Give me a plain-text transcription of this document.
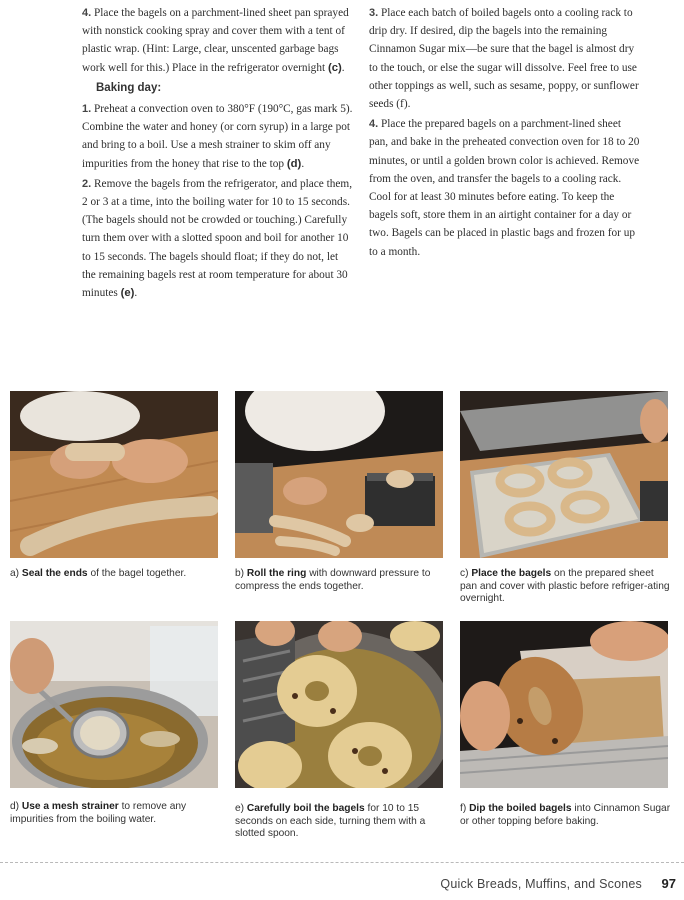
4. Place the bagels on a parchment-lined sheet pan sprayed with nonstick cooking spray and cover them with a tent of plastic wrap. (Hint: Large, clear, unscented garbage bags work well for this.) Place in the refrigerator overnight (c).

Baking day:

1. Preheat a convection oven to 380°F (190°C, gas mark 5). Combine the water and honey (or corn syrup) in a large pot and bring to a boil. Use a mesh strainer to skim off any impurities from the honey that rise to the top (d).

2. Remove the bagels from the refrigerator, and place them, 2 or 3 at a time, into the boiling water for 10 to 15 seconds. (The bagels should not be crowded or touching.) Carefully turn them over with a slotted spoon and boil for another 10 to 15 seconds. The bagels should float; if they do not, let the remaining bagels rest at room temperature for about 30 minutes (e).

3. Place each batch of boiled bagels onto a cooling rack to drip dry. If desired, dip the bagels into the remaining Cinnamon Sugar mix—be sure that the bagel is almost dry to the touch, or else the sugar will dissolve. Feel free to use other toppings as well, such as sesame, poppy, or sunflower seeds (f).

4. Place the prepared bagels on a parchment-lined sheet pan, and bake in the preheated convection oven for 18 to 20 minutes, or until a golden brown color is achieved. Remove from the oven, and transfer the bagels to a cooling rack. Cool for at least 30 minutes before eating. To keep the bagels soft, store them in an airtight container for a day or two. Bagels can be placed in plastic bags and frozen for up to a month.

a) Seal the ends of the bagel together.	b) Roll the ring with downward pressure to compress the ends together.
c) Place the bagels on the prepared sheet pan and cover with plastic before refriger-ating overnight.
d) Use a mesh strainer to remove any impurities from the boiling water.
e) Carefully boil the bagels for 10 to 15 seconds on each side, turning them with a slotted spoon.
f) Dip the boiled bagels into Cinnamon Sugar or other topping before baking.
Quick Breads, Muffins, and Scones 97
